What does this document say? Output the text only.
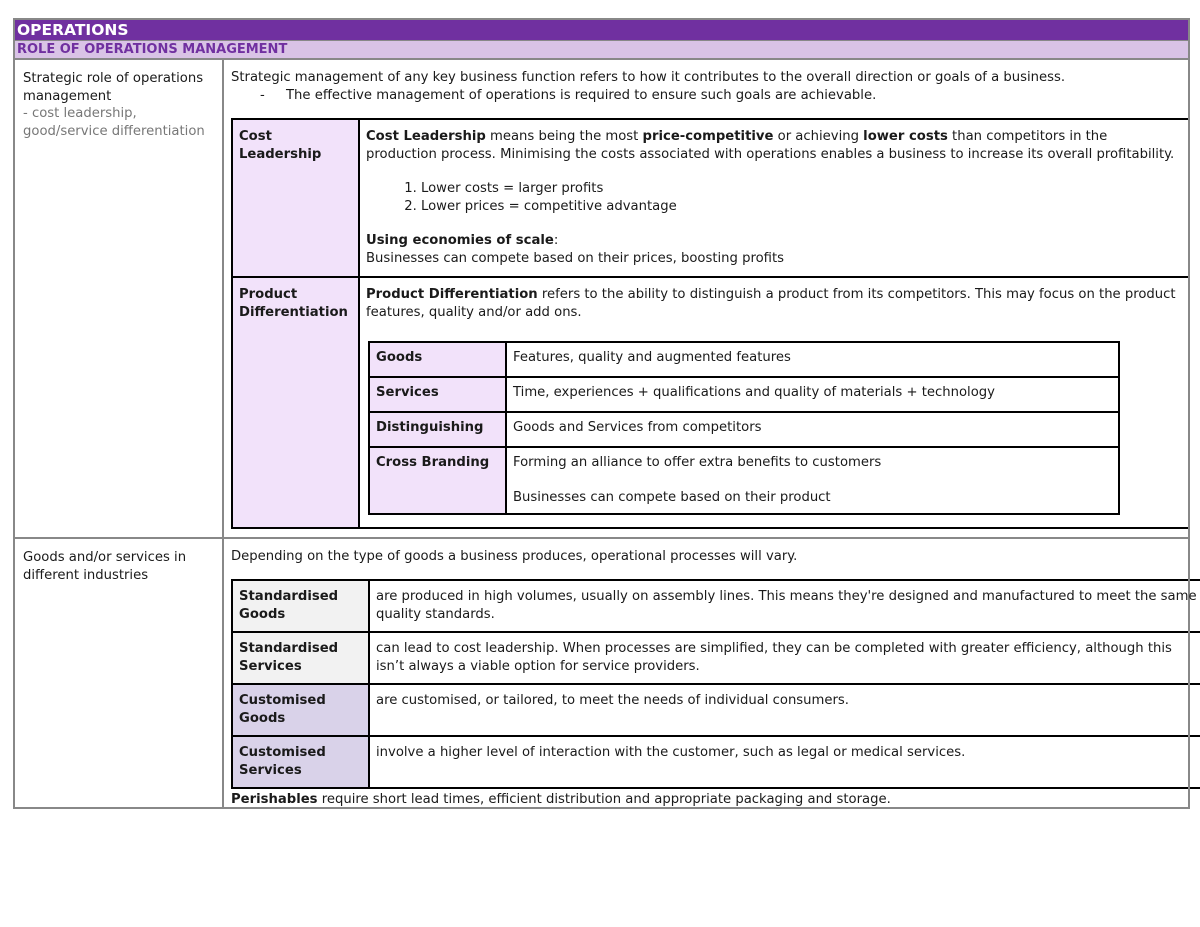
OPERATIONS
ROLE OF OPERATIONS MANAGEMENT
Strategic role of operations management
- cost leadership, good/service differentiation

Strategic management of any key business function refers to how it contributes to the overall direction or goals of a business.
-	The effective management of operations is required to ensure such goals are achievable.
Cost Leadership	
Cost Leadership means being the most price-competitive or achieving lower costs than competitors in the production process. Minimising the costs associated with operations enables a business to increase its overall profitability.
1. Lower costs = larger profits
2. Lower prices = competitive advantage
Using economies of scale:
Businesses can compete based on their prices, boosting profits

Product Differentiation	
Product Differentiation refers to the ability to distinguish a product from its competitors. This may focus on the product features, quality and/or add ons.
Goods	Features, quality and augmented features
Services	Time, experiences + qualifications and quality of materials + technology
Distinguishing	Goods and Services from competitors
Cross Branding	Forming an alliance to offer extra benefits to customers
Businesses can compete based on their product

Goods and/or services in different industries

Depending on the type of goods a business produces, operational processes will vary.
Standardised Goods	are produced in high volumes, usually on assembly lines. This means they're designed and manufactured to meet the same quality standards.
Standardised Services	can lead to cost leadership. When processes are simplified, they can be completed with greater efficiency, although this isn’t always a viable option for service providers.
Customised Goods	are customised, or tailored, to meet the needs of individual consumers.
Customised Services	involve a higher level of interaction with the customer, such as legal or medical services.
Perishables require short lead times, efficient distribution and appropriate packaging and storage.
